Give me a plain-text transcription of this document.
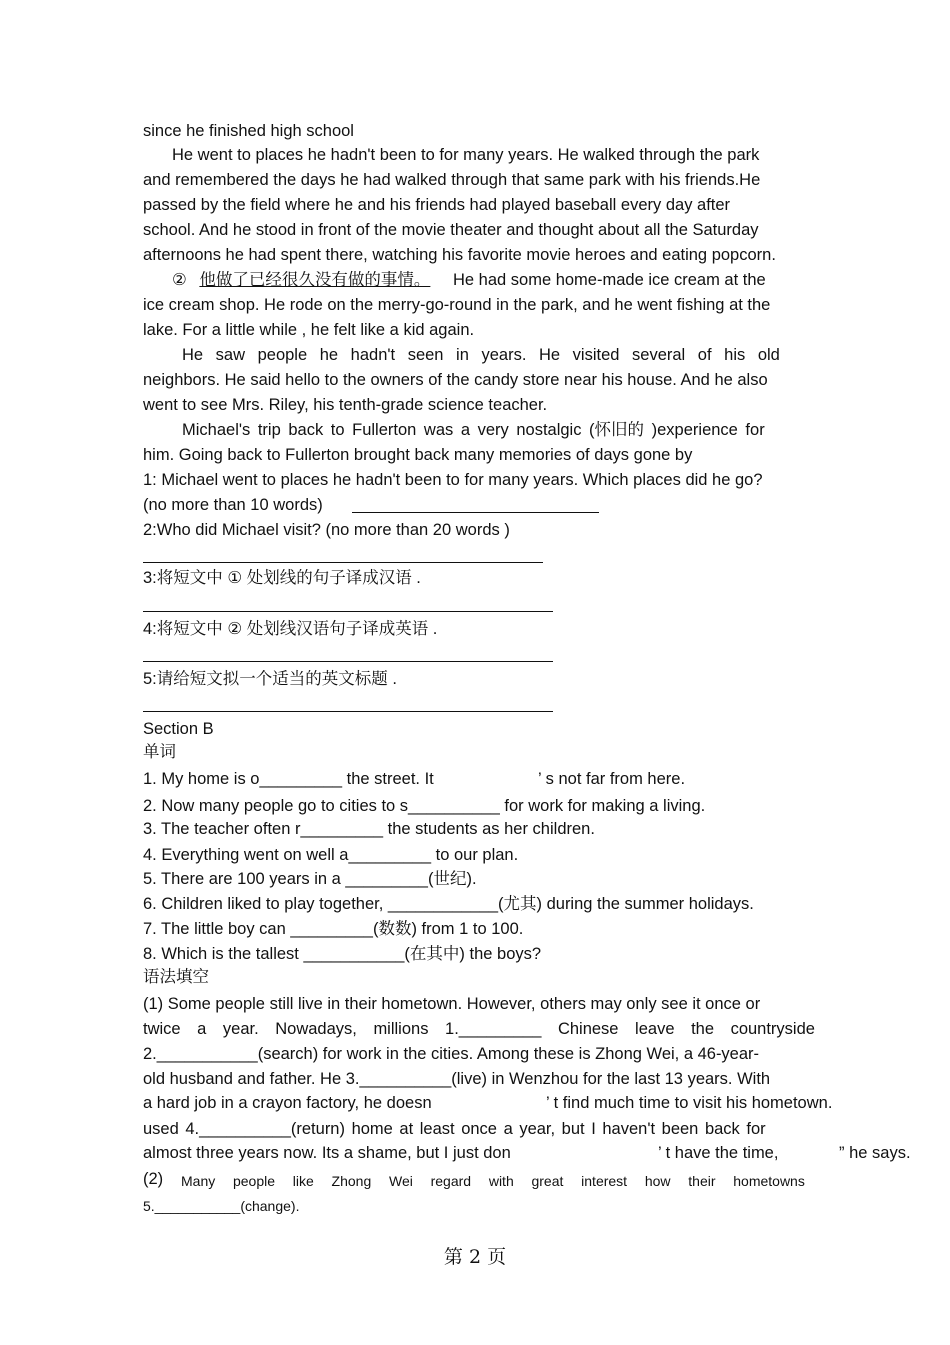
since he finished high school
He went to places he hadn't been to for many years. He walked through the park
and remembered the days he had walked through that same park with his friends.He
passed by the field where he and his friends had played baseball every day after
school. And he stood in front of the movie theater and thought about all the Saturday
afternoons he had spent there, watching his favorite movie heroes and eating popcorn.
② 他做了已经很久没有做的事情。 He had some home-made ice cream at the
ice cream shop. He rode on the merry-go-round in the park, and he went fishing at the
lake. For a little while , he felt like a kid again.
He saw people he hadn't seen in years. He visited several of his old
neighbors. He said hello to the owners of the candy store near his house. And he also
went to see Mrs. Riley, his tenth-grade science teacher.
Michael's trip back to Fullerton was a very nostalgic (怀旧的 )experience for
him. Going back to Fullerton brought back many memories of days gone by
1: Michael went to places he hadn't been to for many years. Which places did he go?
(no more than 10 words)
2:Who did Michael visit? (no more than 20 words )
3:将短文中 ① 处划线的句子译成汉语 .
4:将短文中 ② 处划线汉语句子译成英语 .
5:请给短文拟一个适当的英文标题 .
Section B
单词
1. My home is o_________ the street. It	’ s not far from here.
2. Now many people go to cities to s__________ for work for making a living.
3. The teacher often r_________ the students as her children.
4. Everything went on well a_________ to our plan.
5. There are 100 years in a _________(世纪).
6. Children liked to play together, ____________(尤其) during the summer holidays.
7. The little boy can _________(数数) from 1 to 100.
8. Which is the tallest ___________(在其中) the boys?
语法填空
(1) Some people still live in their hometown. However, others may only see it once or
twice a year. Nowadays, millions 1._________ Chinese leave the countryside
2.___________(search) for work in the cities. Among these is Zhong Wei, a 46-year-
old husband and father. He 3.__________(live) in Wenzhou for the last 13 years. With
a hard job in a crayon factory, he doesn	’ t find much time to visit his hometown.
used 4.__________(return) home at least once a year, but I haven't been back for
almost three years now. Its a shame, but I just don	’ t have the time,	” he says.
(2) Many people like Zhong Wei regard with great interest how their hometowns
5.___________(change).
第 2 页
